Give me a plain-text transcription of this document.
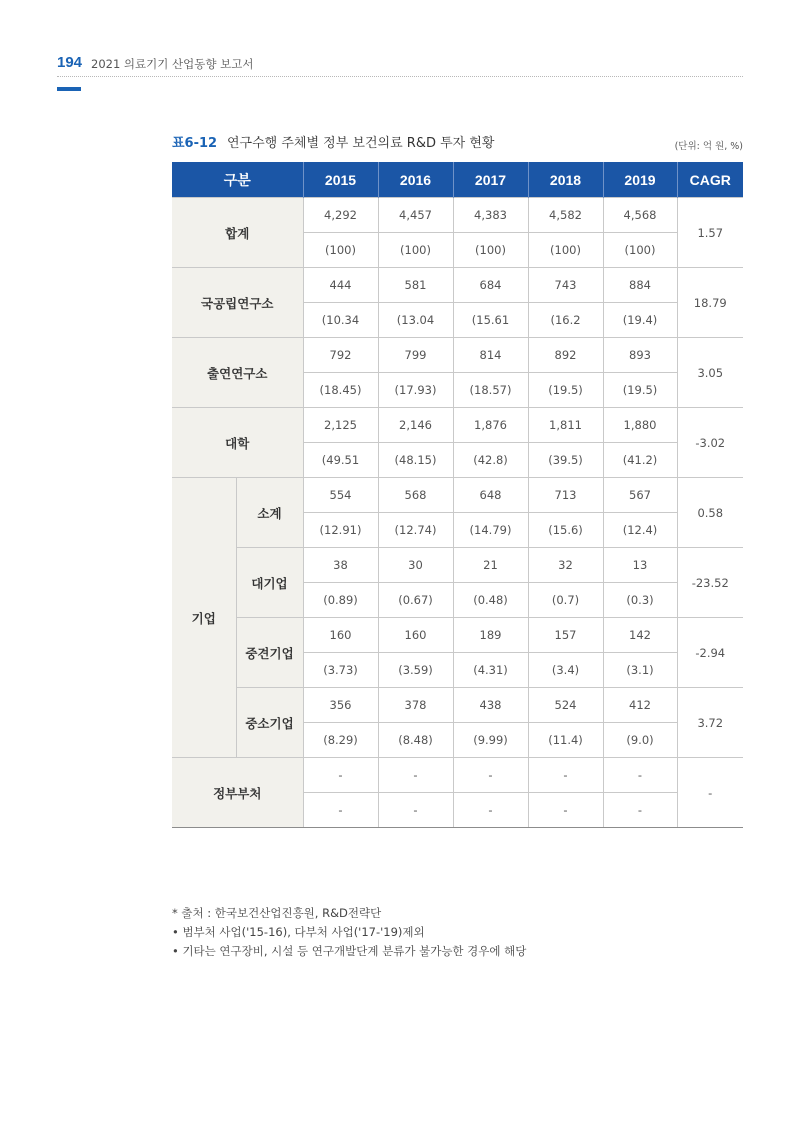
194 2021 의료기기 산업동향 보고서
표6-12 연구수행 주체별 정부 보건의료 R&D 투자 현황	(단위: 억 원, %)
구분		2015	2016	2017	2018	2019	CAGR
합계		4,292	4,457	4,383	4,582	4,568	1.57
		(100)	(100)	(100)	(100)	(100)	
국공립연구소		444	581	684	743	884	18.79
		(10.34	(13.04	(15.61	(16.2	(19.4)	
출연연구소		792	799	814	892	893	3.05
		(18.45)	(17.93)	(18.57)	(19.5)	(19.5)	
대학		2,125	2,146	1,876	1,811	1,880	-3.02
		(49.51	(48.15)	(42.8)	(39.5)	(41.2)	
기업	소계	554	568	648	713	567	0.58
		(12.91)	(12.74)	(14.79)	(15.6)	(12.4)	
	대기업	38	30	21	32	13	-23.52
		(0.89)	(0.67)	(0.48)	(0.7)	(0.3)	
	중견기업	160	160	189	157	142	-2.94
		(3.73)	(3.59)	(4.31)	(3.4)	(3.1)	
	중소기업	356	378	438	524	412	3.72
		(8.29)	(8.48)	(9.99)	(11.4)	(9.0)	
정부부처		-	-	-	-	-	-
		-	-	-	-	-	
* 출처 : 한국보건산업진흥원, R&D전략단
• 범부처 사업('15-16), 다부처 사업('17-'19)제외
• 기타는 연구장비, 시설 등 연구개발단계 분류가 불가능한 경우에 해당
